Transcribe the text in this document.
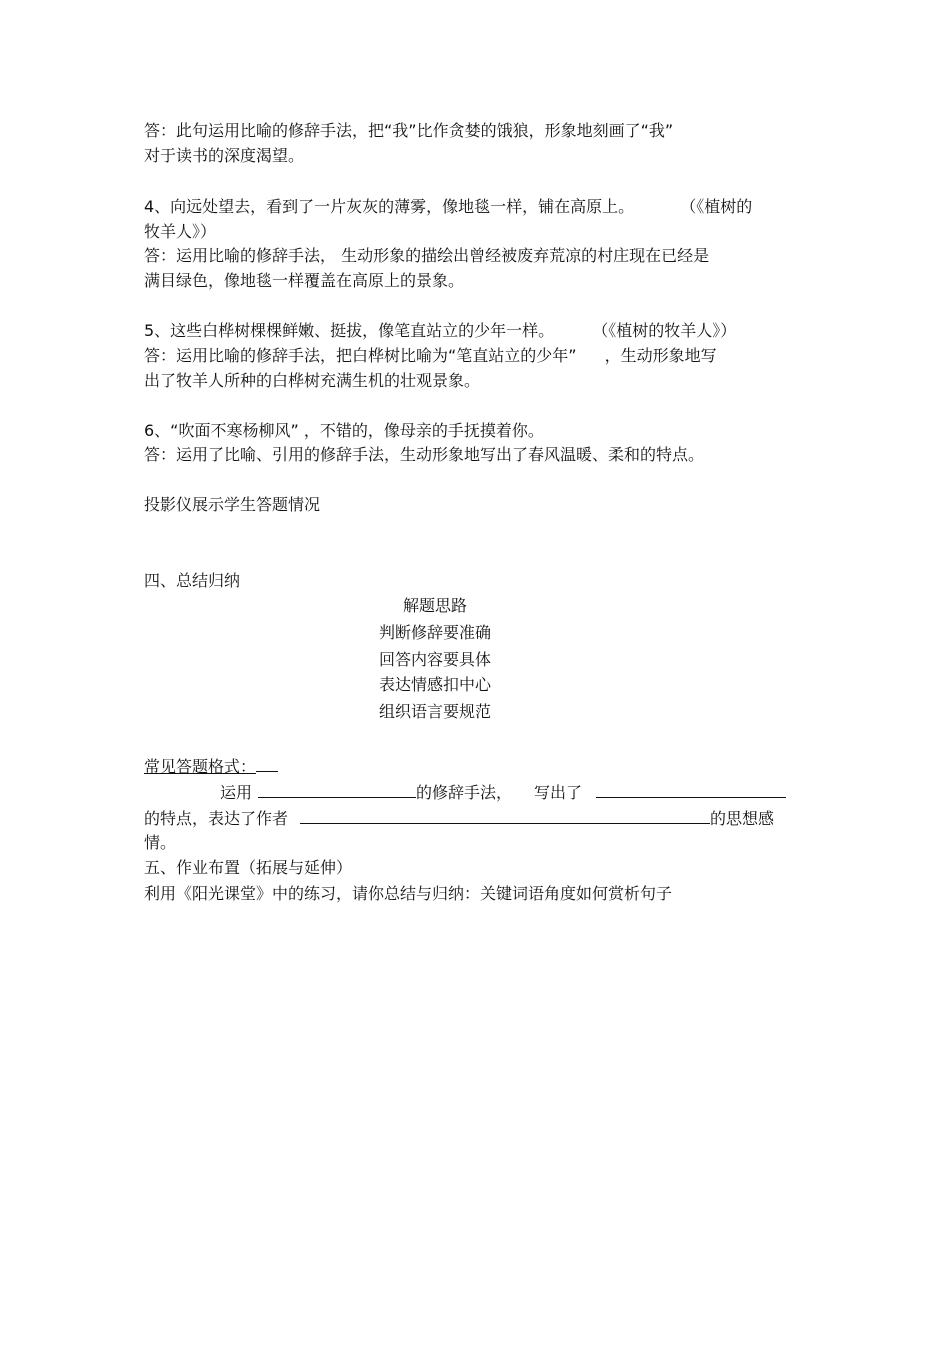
答：此句运用比喻的修辞手法，把“我”比作贪婪的饿狼，形象地刻画了“我”
对于读书的深度渴望。
4、向远处望去，看到了一片灰灰的薄雾，像地毯一样，铺在高原上。	（《植树的
牧羊人》）
答：运用比喻的修辞手法， 生动形象的描绘出曾经被废弃荒凉的村庄现在已经是
满目绿色，像地毯一样覆盖在高原上的景象。
5、这些白桦树棵棵鲜嫩、挺拔，像笔直站立的少年一样。 （《植树的牧羊人》）
答：运用比喻的修辞手法，把白桦树比喻为“笔直站立的少年” ，生动形象地写
出了牧羊人所种的白桦树充满生机的壮观景象。
6、“吹面不寒杨柳风” ，不错的，像母亲的手抚摸着你。
答：运用了比喻、引用的修辞手法，生动形象地写出了春风温暖、柔和的特点。
投影仪展示学生答题情况
四、总结归纳
解题思路
判断修辞要准确
回答内容要具体
表达情感扣中心
组织语言要规范
常见答题格式：
运用	的修辞手法， 写出了
的特点，表达了作者	的思想感
情。
五、作业布置（拓展与延伸）
利用《阳光课堂》中的练习，请你总结与归纳：关键词语角度如何赏析句子
